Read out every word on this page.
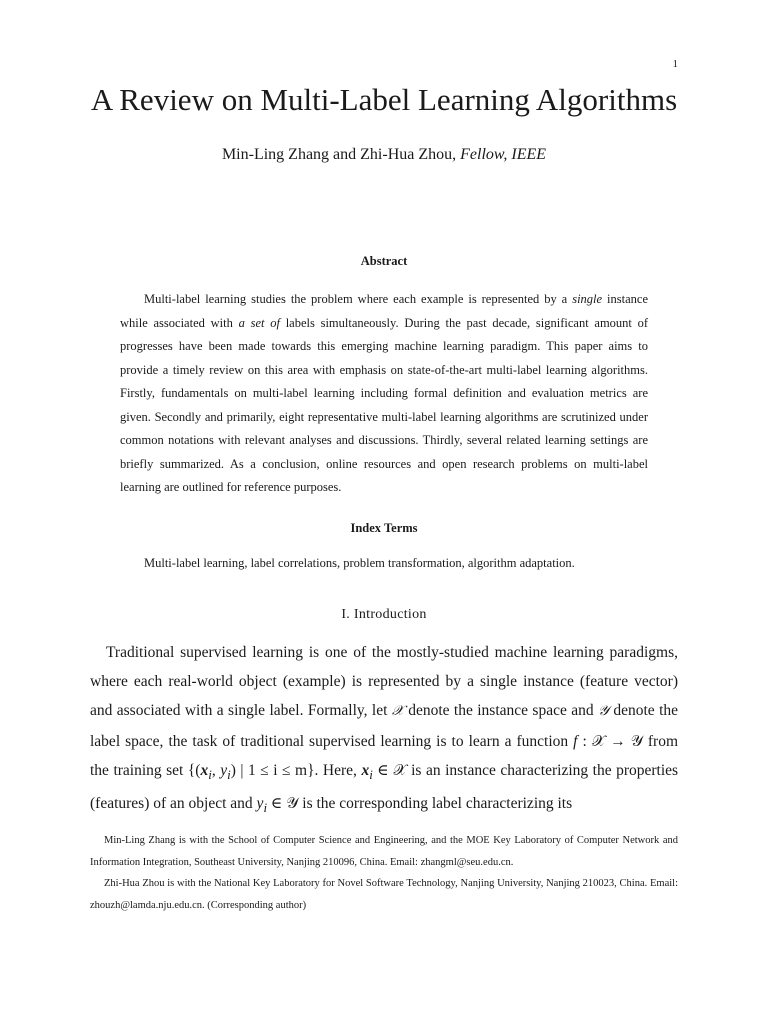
1
A Review on Multi-Label Learning Algorithms
Min-Ling Zhang and Zhi-Hua Zhou, Fellow, IEEE
Abstract

Multi-label learning studies the problem where each example is represented by a single instance while associated with a set of labels simultaneously. During the past decade, significant amount of progresses have been made towards this emerging machine learning paradigm. This paper aims to provide a timely review on this area with emphasis on state-of-the-art multi-label learning algorithms. Firstly, fundamentals on multi-label learning including formal definition and evaluation metrics are given. Secondly and primarily, eight representative multi-label learning algorithms are scrutinized under common notations with relevant analyses and discussions. Thirdly, several related learning settings are briefly summarized. As a conclusion, online resources and open research problems on multi-label learning are outlined for reference purposes.

Index Terms

Multi-label learning, label correlations, problem transformation, algorithm adaptation.

I. Introduction

Traditional supervised learning is one of the mostly-studied machine learning paradigms, where each real-world object (example) is represented by a single instance (feature vector) and associated with a single label. Formally, let 𝒳 denote the instance space and 𝒴 denote the label space, the task of traditional supervised learning is to learn a function f : 𝒳 → 𝒴 from the training set {($x_i$, $y_i$) | 1 ≤ i ≤ m}. Here, $x_i$ ∈ 𝒳 is an instance characterizing the properties (features) of an object and $y_i$ ∈ 𝒴 is the corresponding label characterizing its

Min-Ling Zhang is with the School of Computer Science and Engineering, and the MOE Key Laboratory of Computer Network and Information Integration, Southeast University, Nanjing 210096, China. Email: zhangml@seu.edu.cn.

Zhi-Hua Zhou is with the National Key Laboratory for Novel Software Technology, Nanjing University, Nanjing 210023, China. Email: zhouzh@lamda.nju.edu.cn. (Corresponding author)
